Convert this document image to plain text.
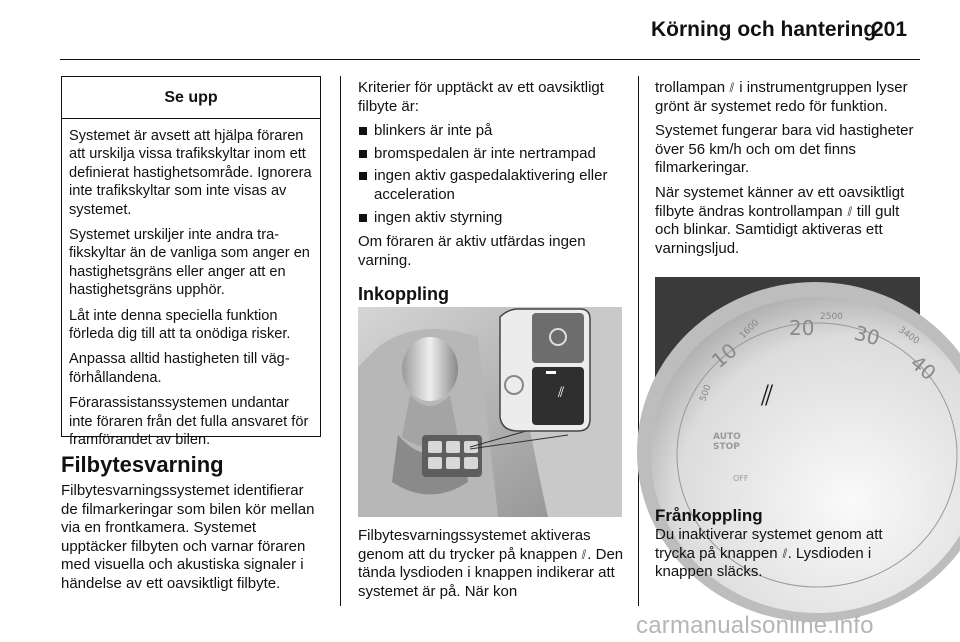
Körning och hantering
201
Se upp

Systemet är avsett att hjälpa föraren att urskilja vissa trafikskyltar inom ett definierat hastighetsområde. Ignorera inte trafikskyltar som inte visas av systemet.

Systemet urskiljer inte andra trafikskyltar än de vanliga som anger en hastighetsgräns eller anger att en hastighetsgräns upphör.

Låt inte denna speciella funktion förleda dig till att ta onödiga risker.

Anpassa alltid hastigheten till vägförhållandena.

Förarassistanssystemen undantar inte föraren från det fulla ansvaret för framförandet av bilen.

Filbytesvarning

Filbytesvarningssystemet identifierar de filmarkeringar som bilen kör mellan via en frontkamera. Systemet upptäcker filbyten och varnar föraren med visuella och akustiska signaler i händelse av ett oavsiktligt filbyte.

Kriterier för upptäckt av ett oavsiktligt filbyte är:

blinkers är inte på
bromspedalen är inte nertrampad
ingen aktiv gaspedalaktivering eller acceleration
ingen aktiv styrning

Om föraren är aktiv utfärdas ingen varning.

Inkoppling
⫽

Filbytesvarningssystemet aktiveras genom att du trycker på knappen ⫽. Den tända lysdioden i knappen indikerar att systemet är på. När kon

trollampan ⫽ i instrumentgruppen lyser grönt är systemet redo för funktion.

Systemet fungerar bara vid hastigheter över 56 km/h och om det finns filmarkeringar.

När systemet känner av ett oavsiktligt filbyte ändras kontrollampan ⫽ till gult och blinkar. Samtidigt aktiveras ett varningsljud.

500
1600
2500
3400
10
20 30
40
⫽
AUTO
STOP
OFF
Frånkoppling

Du inaktiverar systemet genom att trycka på knappen ⫽. Lysdioden i knappen släcks.

carmanualsonline.info
